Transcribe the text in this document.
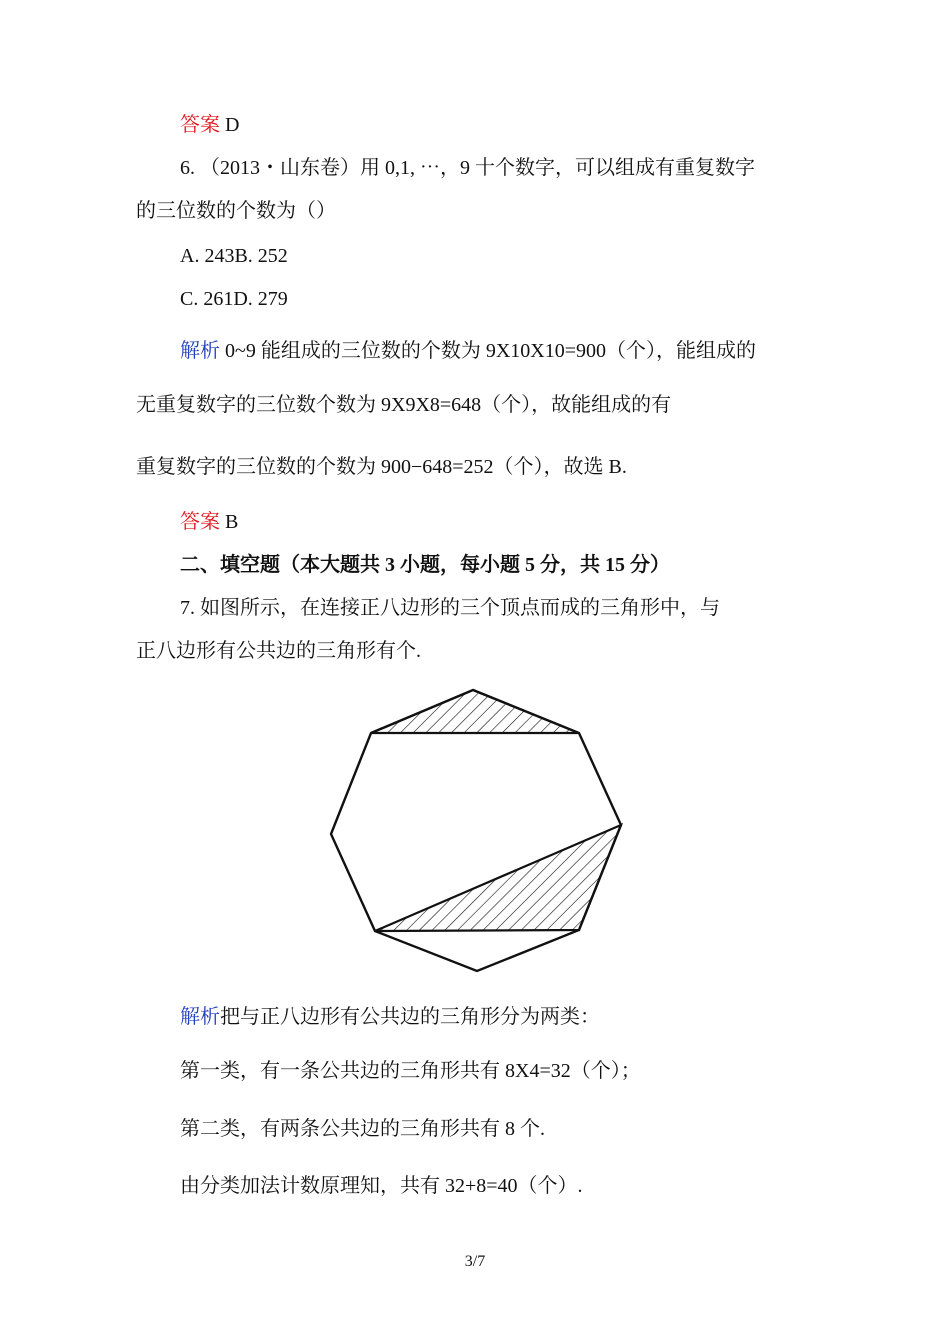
答案 D
6. （2013・山东卷）用 0,1, ⋯，9 十个数字，可以组成有重复数字
的三位数的个数为（）
A. 243B. 252
C. 261D. 279
解析 0~9 能组成的三位数的个数为 9X10X10=900（个），能组成的
无重复数字的三位数个数为 9X9X8=648（个），故能组成的有
重复数字的三位数的个数为 900−648=252（个），故选 B.
答案 B
二、填空题（本大题共 3 小题，每小题 5 分，共 15 分）
7. 如图所示，在连接正八边形的三个顶点而成的三角形中，与
正八边形有公共边的三角形有个.
解析把与正八边形有公共边的三角形分为两类：
第一类，有一条公共边的三角形共有 8X4=32（个）；
第二类，有两条公共边的三角形共有 8 个.
由分类加法计数原理知，共有 32+8=40（个）.
3/7
